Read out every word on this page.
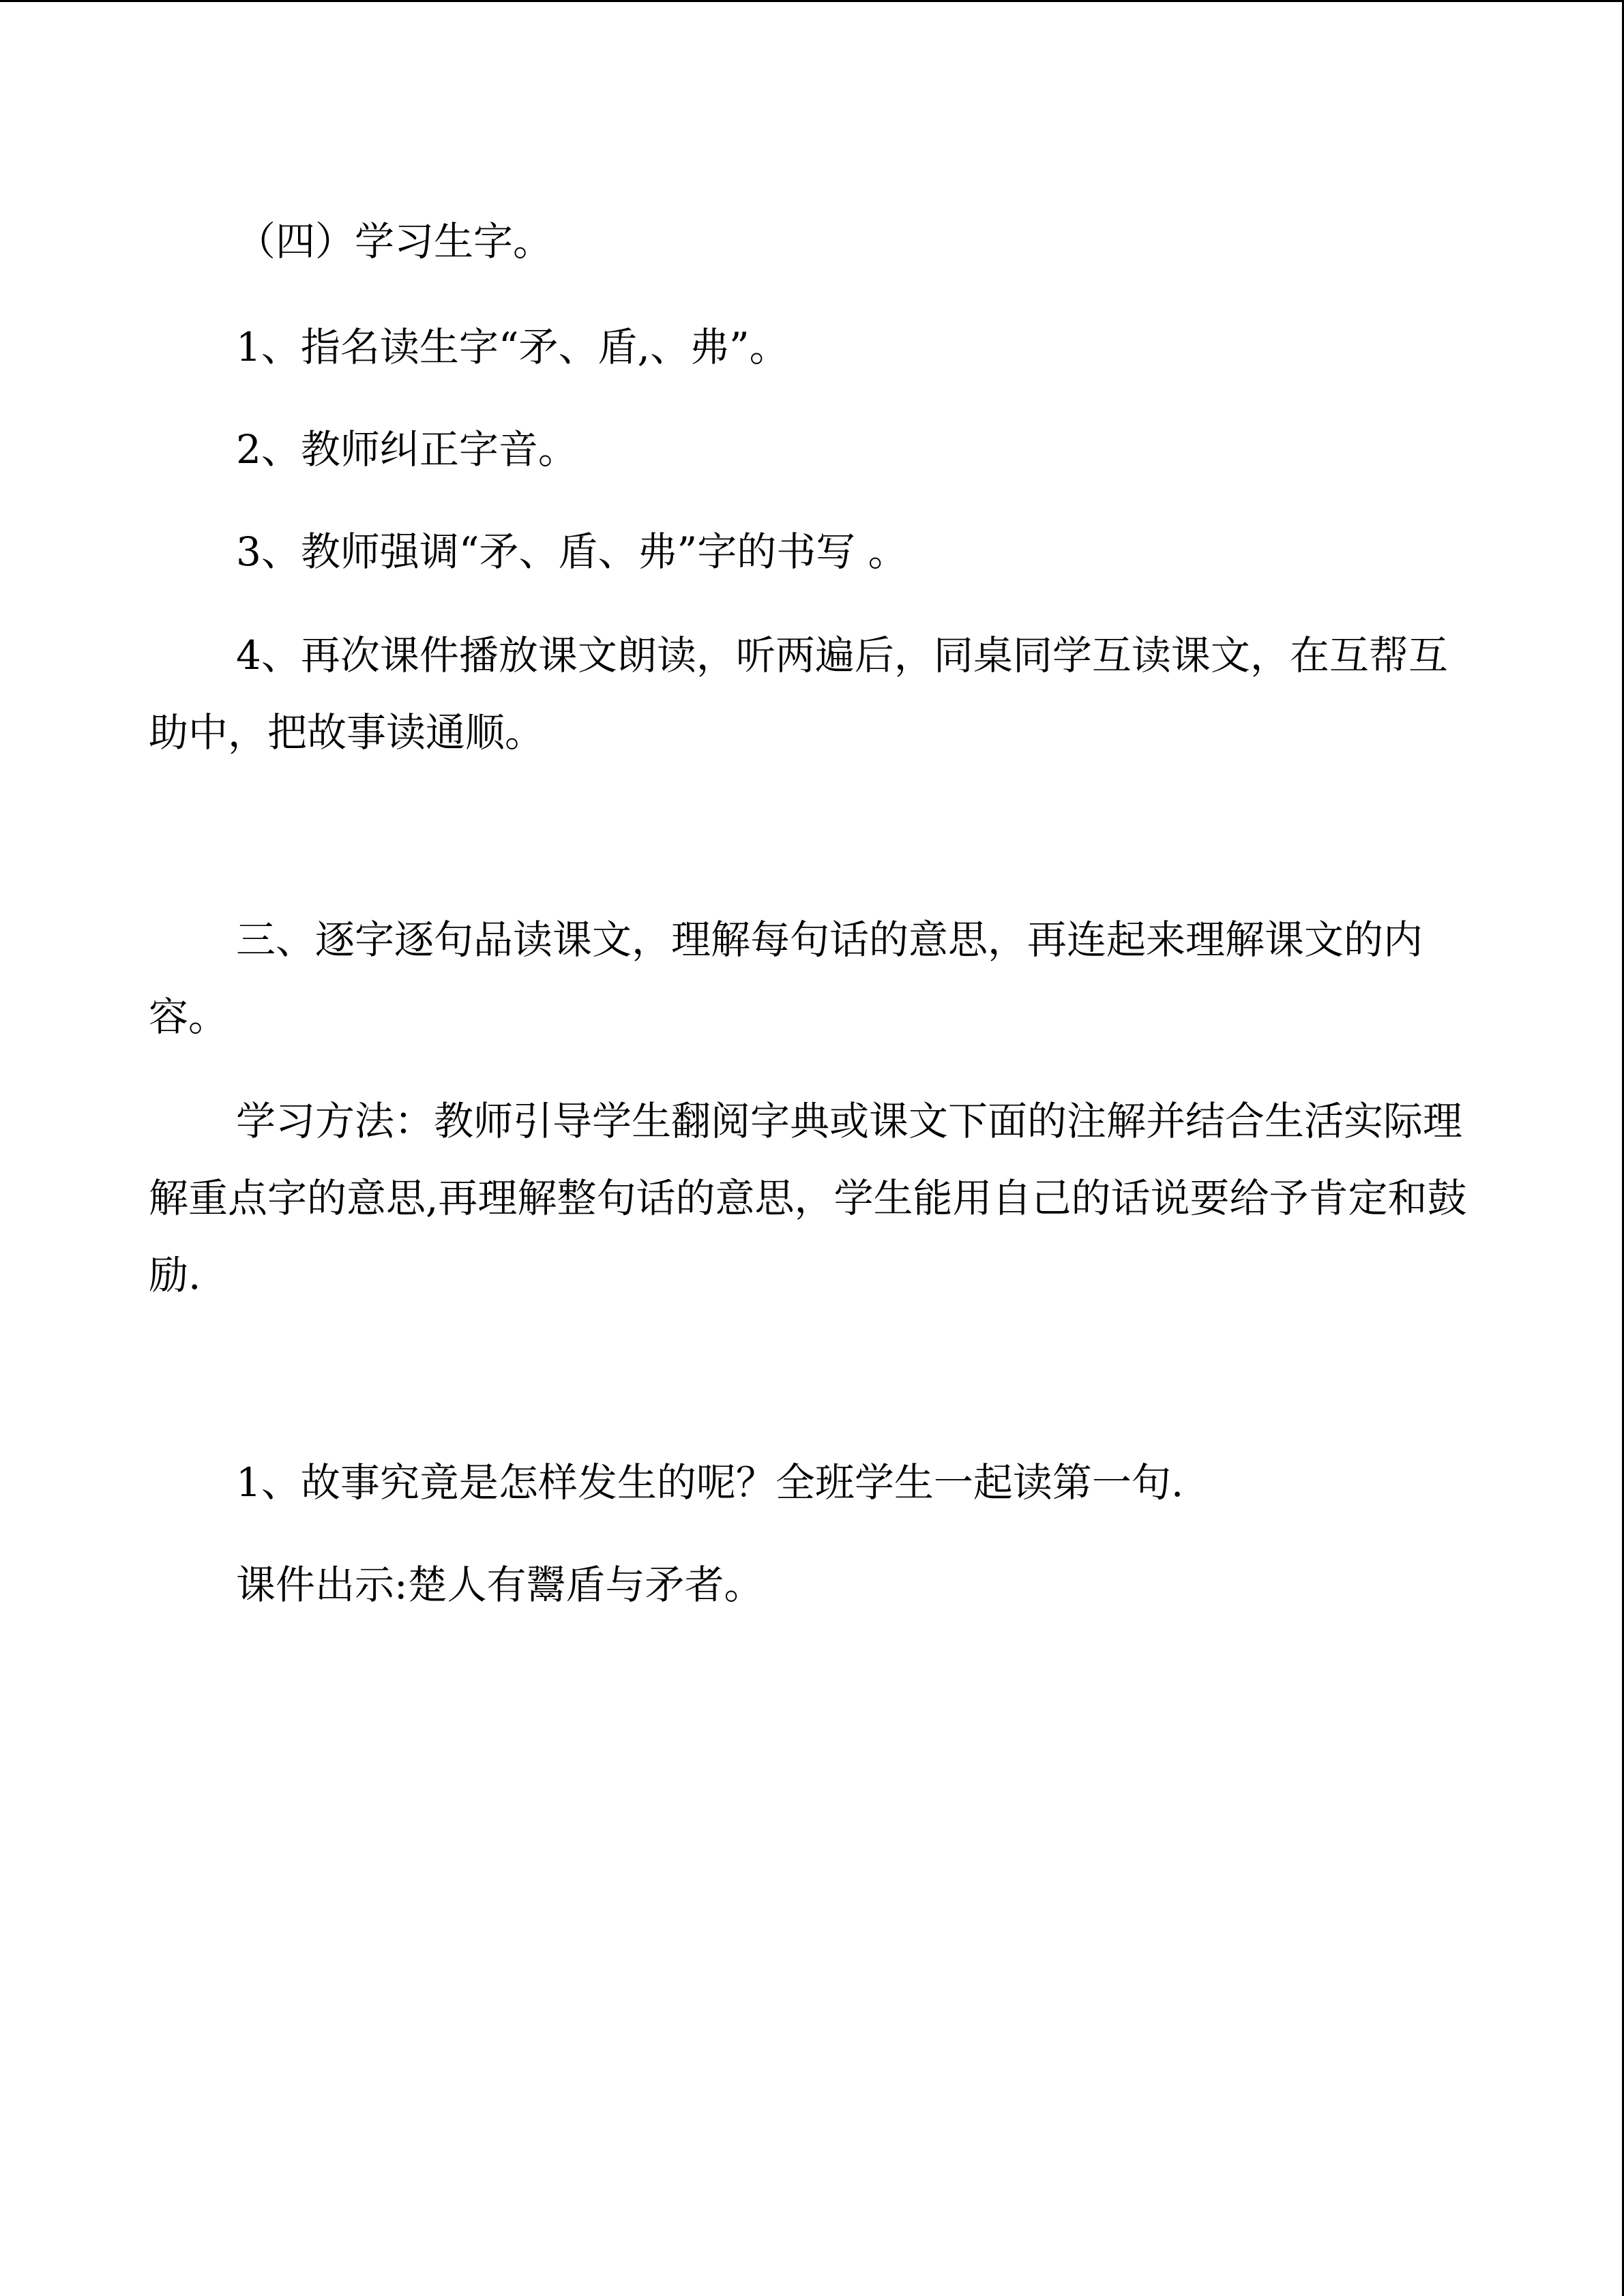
（四）学习生字。

1、指名读生字“矛、盾,、弗”。

2、教师纠正字音。

3、教师强调“矛、盾、弗”字的书写 。

4、再次课件播放课文朗读，听两遍后，同桌同学互读课文，在互帮互助中，把故事读通顺。

三、逐字逐句品读课文，理解每句话的意思，再连起来理解课文的内容。

学习方法：教师引导学生翻阅字典或课文下面的注解并结合生活实际理解重点字的意思,再理解整句话的意思，学生能用自己的话说要给予肯定和鼓励.

1、故事究竟是怎样发生的呢？全班学生一起读第一句.

课件出示:楚人有鬻盾与矛者。
